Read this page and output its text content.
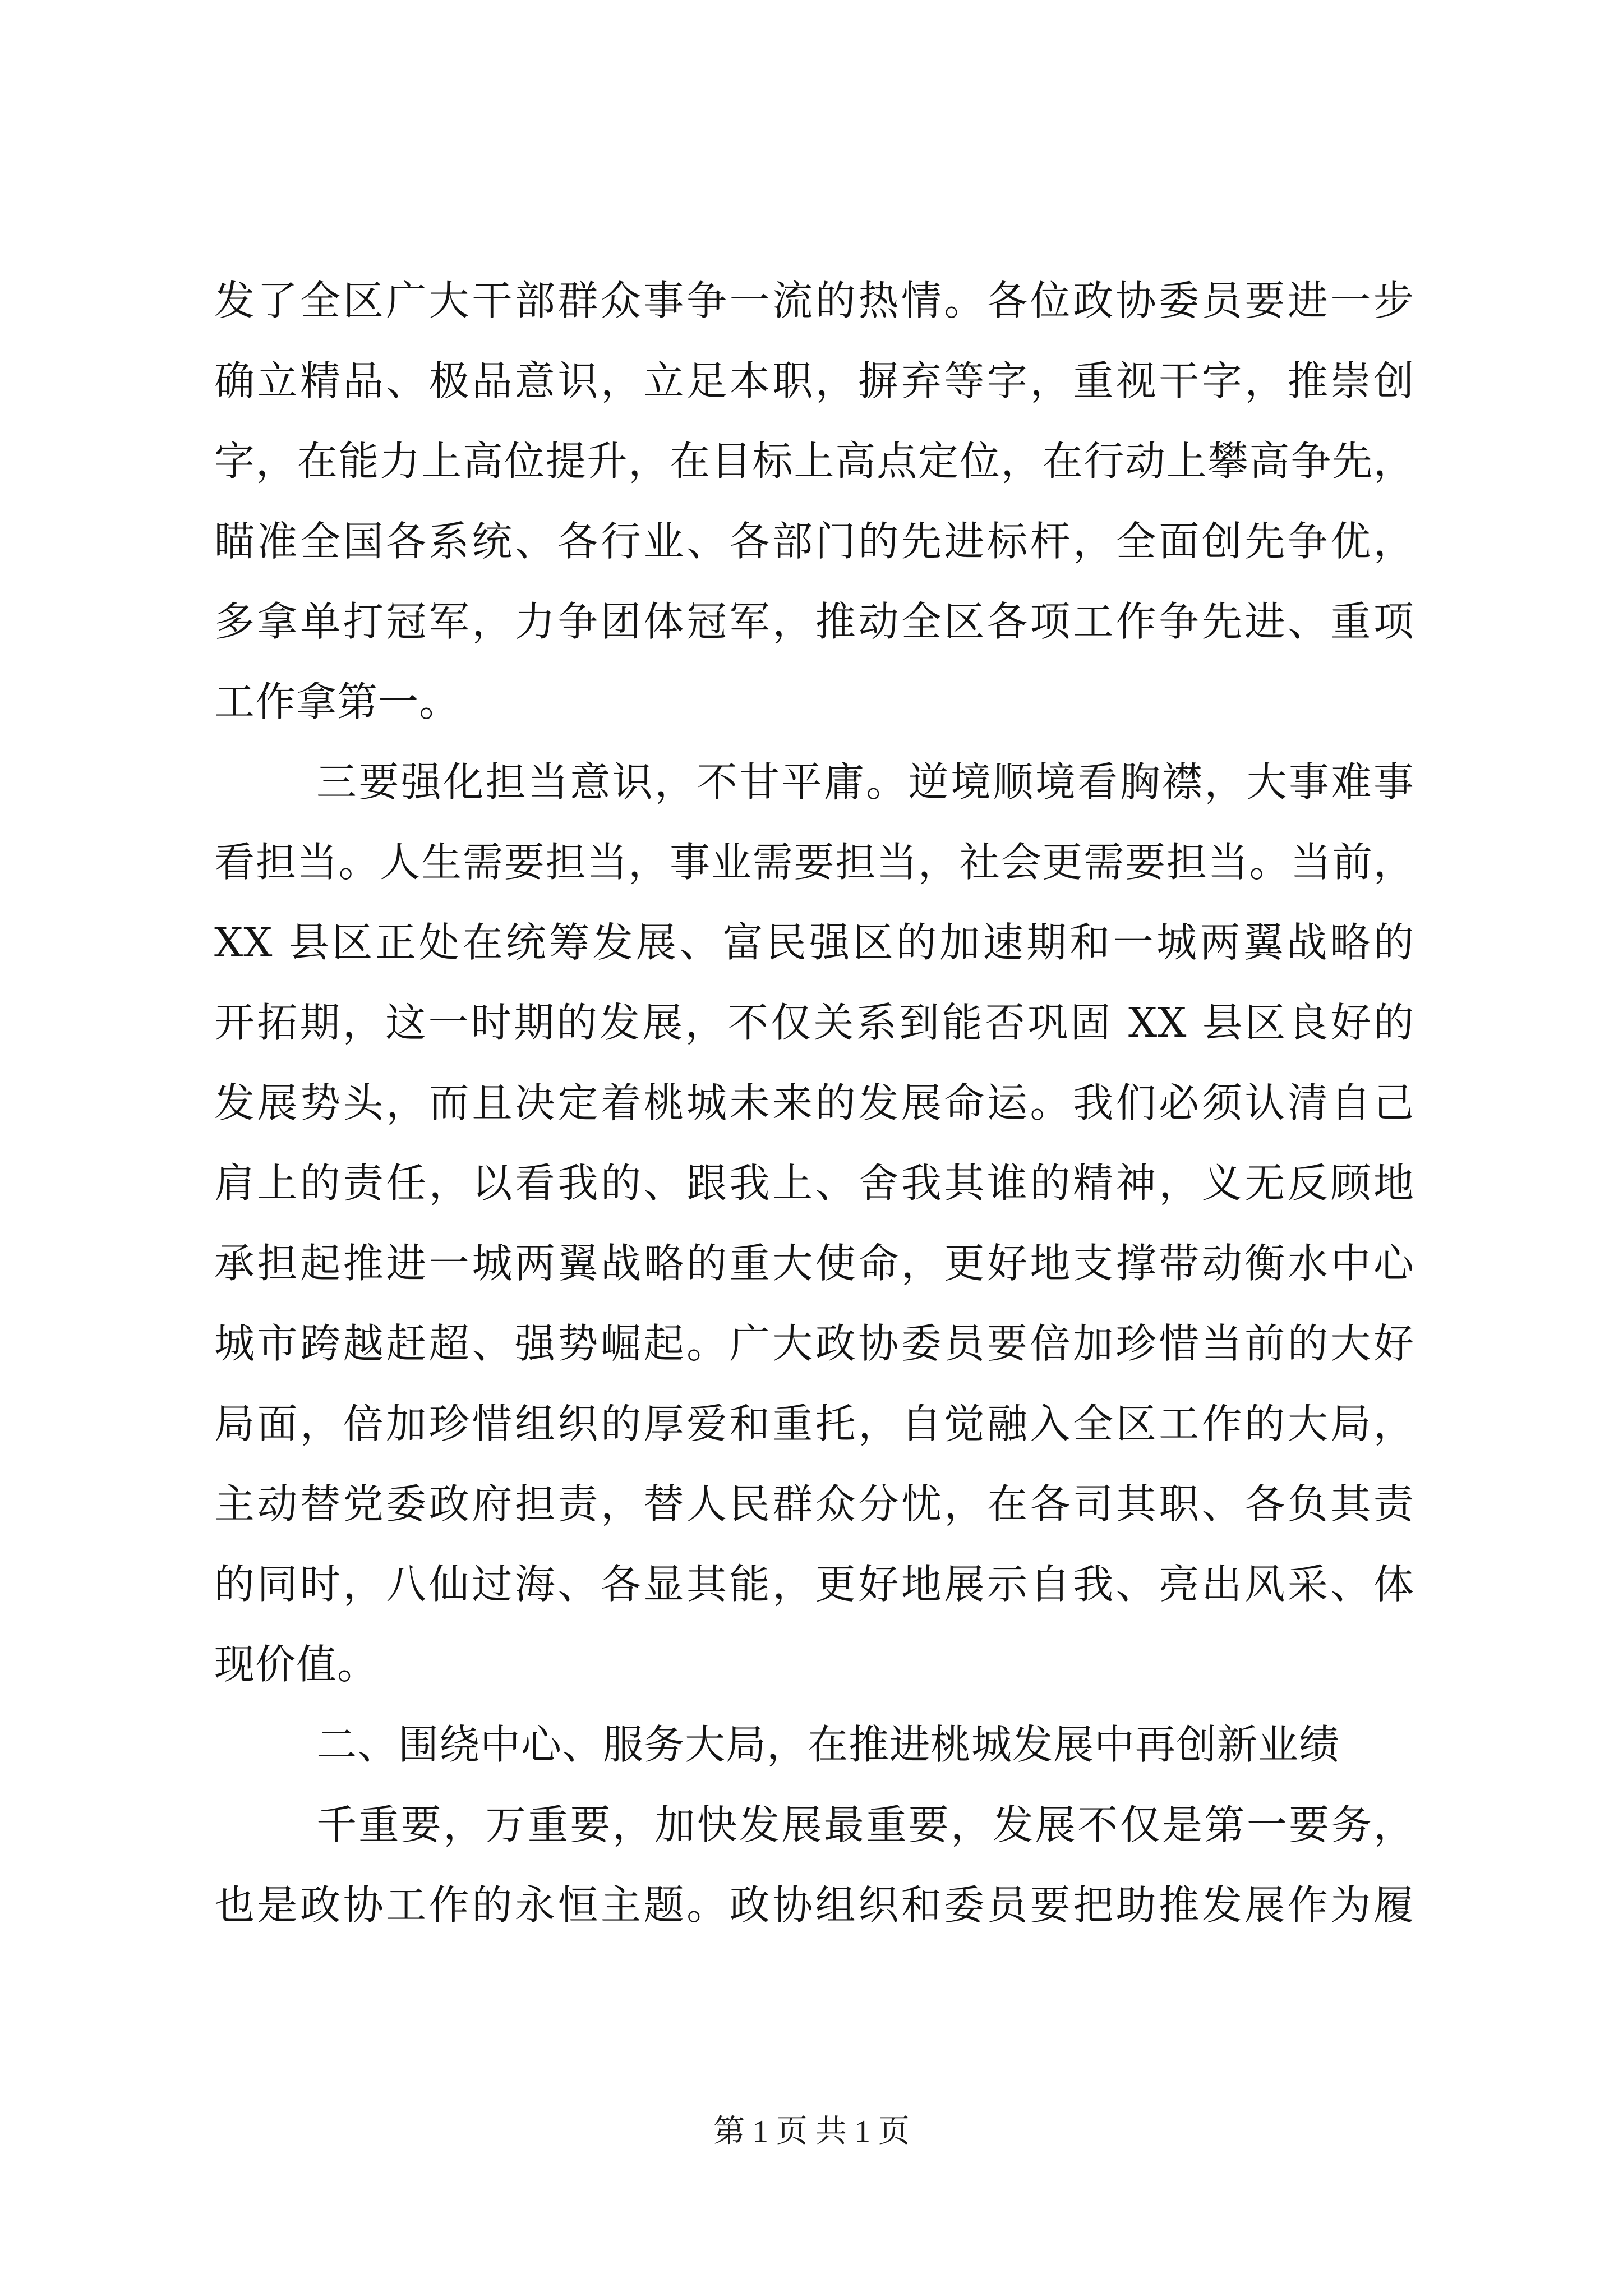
发了全区广大干部群众事争一流的热情。各位政协委员要进一步
确立精品、极品意识，立足本职，摒弃等字，重视干字，推崇创
字，在能力上高位提升，在目标上高点定位，在行动上攀高争先，
瞄准全国各系统、各行业、各部门的先进标杆，全面创先争优，
多拿单打冠军，力争团体冠军，推动全区各项工作争先进、重项
工作拿第一。
三要强化担当意识，不甘平庸。逆境顺境看胸襟，大事难事
看担当。人生需要担当，事业需要担当，社会更需要担当。当前，
XX 县区正处在统筹发展、富民强区的加速期和一城两翼战略的
开拓期，这一时期的发展，不仅关系到能否巩固 XX 县区良好的
发展势头，而且决定着桃城未来的发展命运。我们必须认清自己
肩上的责任，以看我的、跟我上、舍我其谁的精神，义无反顾地
承担起推进一城两翼战略的重大使命，更好地支撑带动衡水中心
城市跨越赶超、强势崛起。广大政协委员要倍加珍惜当前的大好
局面，倍加珍惜组织的厚爱和重托，自觉融入全区工作的大局，
主动替党委政府担责，替人民群众分忧，在各司其职、各负其责
的同时，八仙过海、各显其能，更好地展示自我、亮出风采、体
现价值。
二、围绕中心、服务大局，在推进桃城发展中再创新业绩
千重要，万重要，加快发展最重要，发展不仅是第一要务，
也是政协工作的永恒主题。政协组织和委员要把助推发展作为履
第 1 页 共 1 页
